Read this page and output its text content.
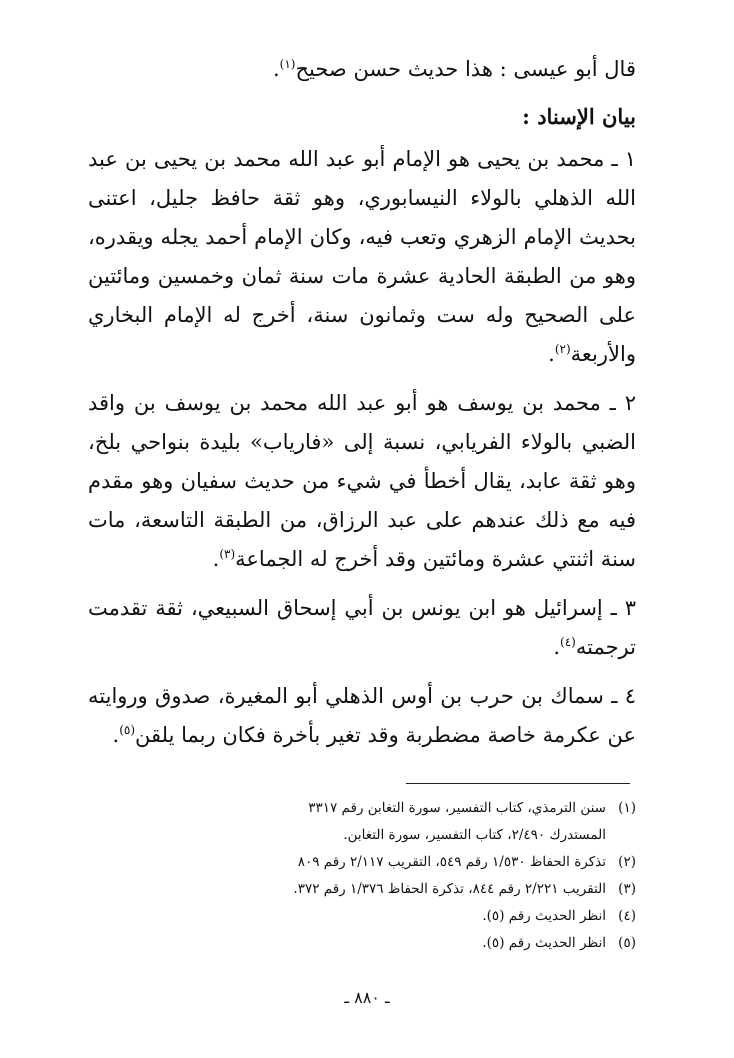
قال أبو عيسى : هذا حديث حسن صحيح$^{(١)}$.

بيان الإسناد :

١ ـ محمد بن يحيى هو الإمام أبو عبد الله محمد بن يحيى بن عبد الله الذهلي بالولاء النيسابوري، وهو ثقة حافظ جليل، اعتنى بحديث الإمام الزهري وتعب فيه، وكان الإمام أحمد يجله ويقدره، وهو من الطبقة الحادية عشرة مات سنة ثمان وخمسين ومائتين على الصحيح وله ست وثمانون سنة، أخرج له الإمام البخاري والأربعة$^{(٢)}$.

٢ ـ محمد بن يوسف هو أبو عبد الله محمد بن يوسف بن واقد الضبي بالولاء الفريابي، نسبة إلى «فارياب» بليدة بنواحي بلخ، وهو ثقة عابد، يقال أخطأ في شيء من حديث سفيان وهو مقدم فيه مع ذلك عندهم على عبد الرزاق، من الطبقة التاسعة، مات سنة اثنتي عشرة ومائتين وقد أخرج له الجماعة$^{(٣)}$.

٣ ـ إسرائيل هو ابن يونس بن أبي إسحاق السبيعي، ثقة تقدمت ترجمته$^{(٤)}$.

٤ ـ سماك بن حرب بن أوس الذهلي أبو المغيرة، صدوق وروايته عن عكرمة خاصة مضطربة وقد تغير بأخرة فكان ربما يلقن$^{(٥)}$.

(١)سنن الترمذي، كتاب التفسير، سورة التغابن رقم ٣٣١٧
المستدرك ٢/٤٩٠، كتاب التفسير، سورة التغابن.
(٢)تذكرة الحفاظ ١/٥٣٠ رقم ٥٤٩، التقريب ٢/١١٧ رقم ٨٠٩
(٣)التقريب ٢/٢٢١ رقم ٨٤٤، تذكرة الحفاظ ١/٣٧٦ رقم ٣٧٢.
(٤)انظر الحديث رقم (٥).
(٥)انظر الحديث رقم (٥).
ـ ٨٨٠ ـ
